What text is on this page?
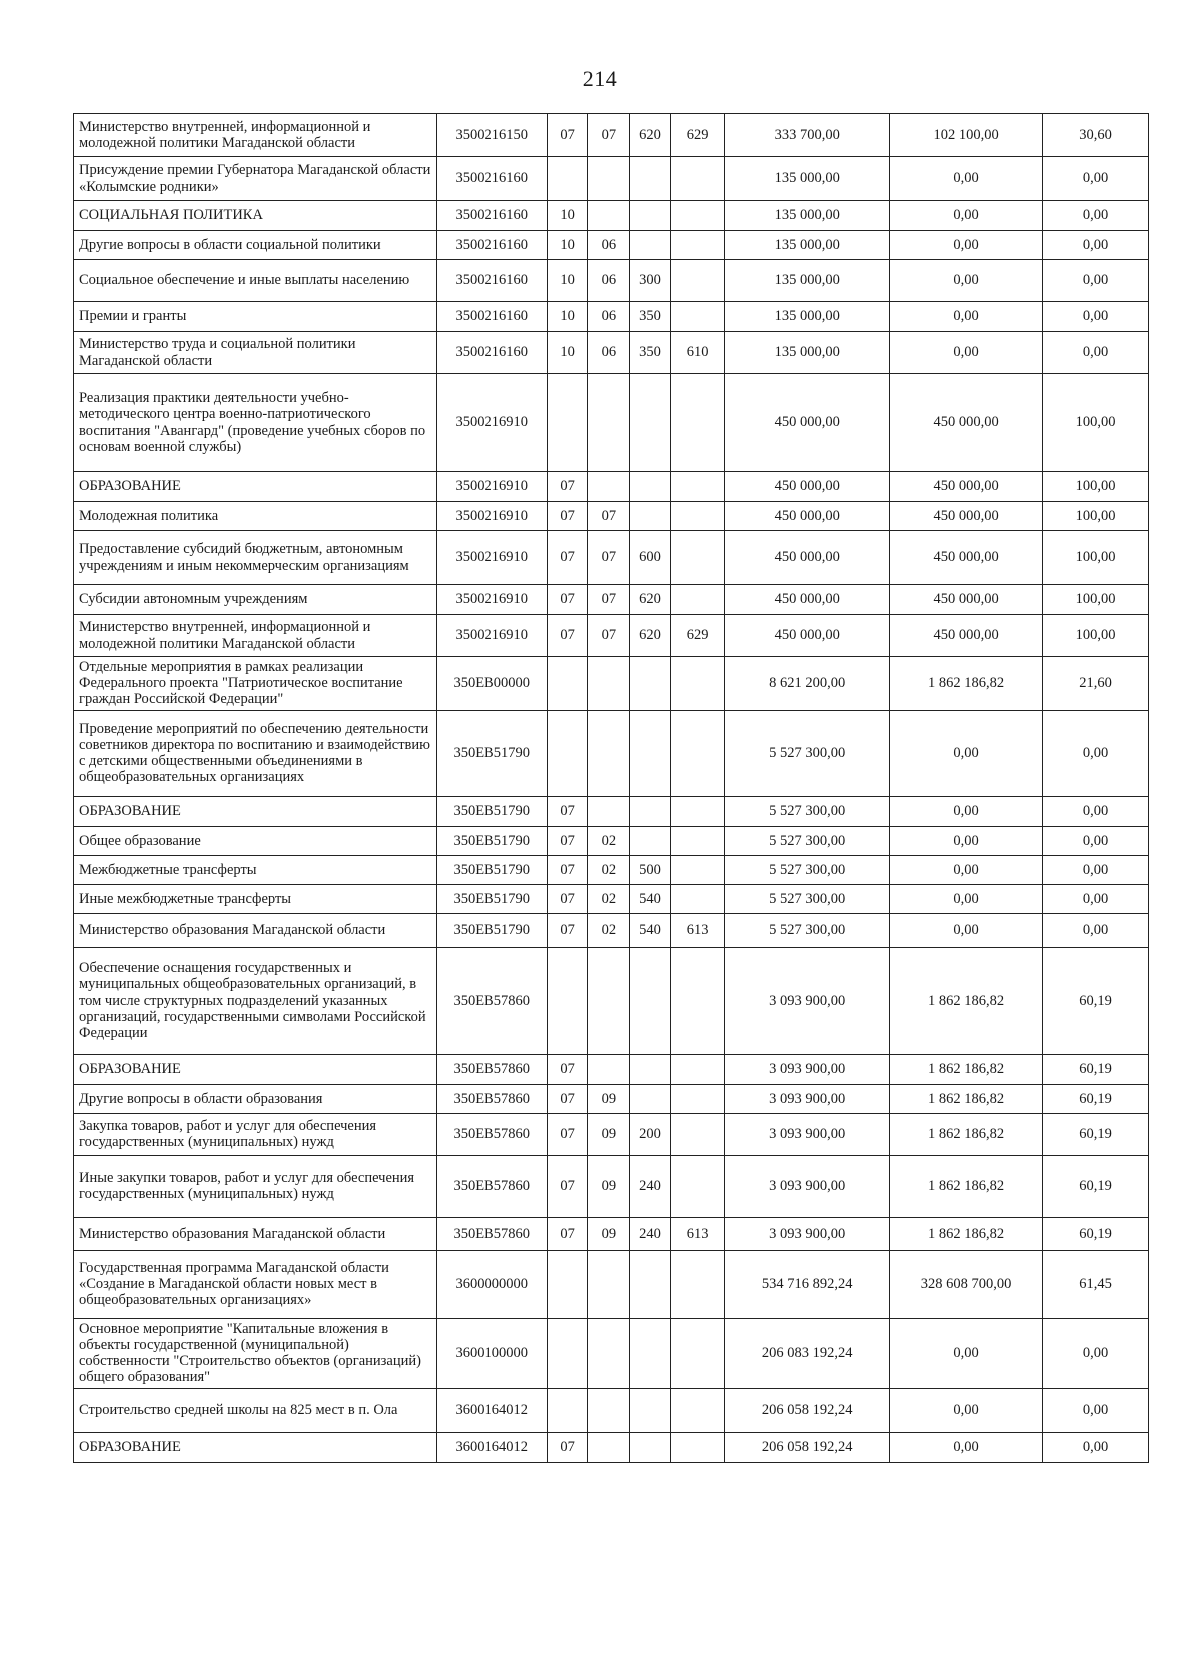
214
Министерство внутренней, информационной и молодежной политики Магаданской области	3500216150	07	07	620	629	333 700,00	102 100,00	30,60
Присуждение премии Губернатора Магаданской области «Колымские родники»	3500216160					135 000,00	0,00	0,00
СОЦИАЛЬНАЯ ПОЛИТИКА	3500216160	10				135 000,00	0,00	0,00
Другие вопросы в области социальной политики	3500216160	10	06			135 000,00	0,00	0,00
Социальное обеспечение и иные выплаты населению	3500216160	10	06	300		135 000,00	0,00	0,00
Премии и гранты	3500216160	10	06	350		135 000,00	0,00	0,00
Министерство труда и социальной политики Магаданской области	3500216160	10	06	350	610	135 000,00	0,00	0,00
Реализация практики деятельности учебно-методического центра военно-патриотического воспитания "Авангард" (проведение учебных сборов по основам военной службы)	3500216910					450 000,00	450 000,00	100,00
ОБРАЗОВАНИЕ	3500216910	07				450 000,00	450 000,00	100,00
Молодежная политика	3500216910	07	07			450 000,00	450 000,00	100,00
Предоставление субсидий бюджетным, автономным учреждениям и иным некоммерческим организациям	3500216910	07	07	600		450 000,00	450 000,00	100,00
Субсидии автономным учреждениям	3500216910	07	07	620		450 000,00	450 000,00	100,00
Министерство внутренней, информационной и молодежной политики Магаданской области	3500216910	07	07	620	629	450 000,00	450 000,00	100,00
Отдельные мероприятия в рамках реализации Федерального проекта "Патриотическое воспитание граждан Российской Федерации"	350EB00000					8 621 200,00	1 862 186,82	21,60
Проведение мероприятий по обеспечению деятельности советников директора по воспитанию и взаимодействию с детскими общественными объединениями в общеобразовательных организациях	350EB51790					5 527 300,00	0,00	0,00
ОБРАЗОВАНИЕ	350EB51790	07				5 527 300,00	0,00	0,00
Общее образование	350EB51790	07	02			5 527 300,00	0,00	0,00
Межбюджетные трансферты	350EB51790	07	02	500		5 527 300,00	0,00	0,00
Иные межбюджетные трансферты	350EB51790	07	02	540		5 527 300,00	0,00	0,00
Министерство образования Магаданской области	350EB51790	07	02	540	613	5 527 300,00	0,00	0,00
Обеспечение оснащения государственных и муниципальных общеобразовательных организаций, в том числе структурных подразделений указанных организаций, государственными символами Российской Федерации	350EB57860					3 093 900,00	1 862 186,82	60,19
ОБРАЗОВАНИЕ	350EB57860	07				3 093 900,00	1 862 186,82	60,19
Другие вопросы в области образования	350EB57860	07	09			3 093 900,00	1 862 186,82	60,19
Закупка товаров, работ и услуг для обеспечения государственных (муниципальных) нужд	350EB57860	07	09	200		3 093 900,00	1 862 186,82	60,19
Иные закупки товаров, работ и услуг для обеспечения государственных (муниципальных) нужд	350EB57860	07	09	240		3 093 900,00	1 862 186,82	60,19
Министерство образования Магаданской области	350EB57860	07	09	240	613	3 093 900,00	1 862 186,82	60,19
Государственная программа Магаданской области «Создание в Магаданской области новых мест в общеобразовательных организациях»	3600000000					534 716 892,24	328 608 700,00	61,45
Основное мероприятие "Капитальные вложения в объекты государственной (муниципальной) собственности "Строительство объектов (организаций) общего образования"	3600100000					206 083 192,24	0,00	0,00
Строительство средней школы на 825 мест в п. Ола	3600164012					206 058 192,24	0,00	0,00
ОБРАЗОВАНИЕ	3600164012	07				206 058 192,24	0,00	0,00
